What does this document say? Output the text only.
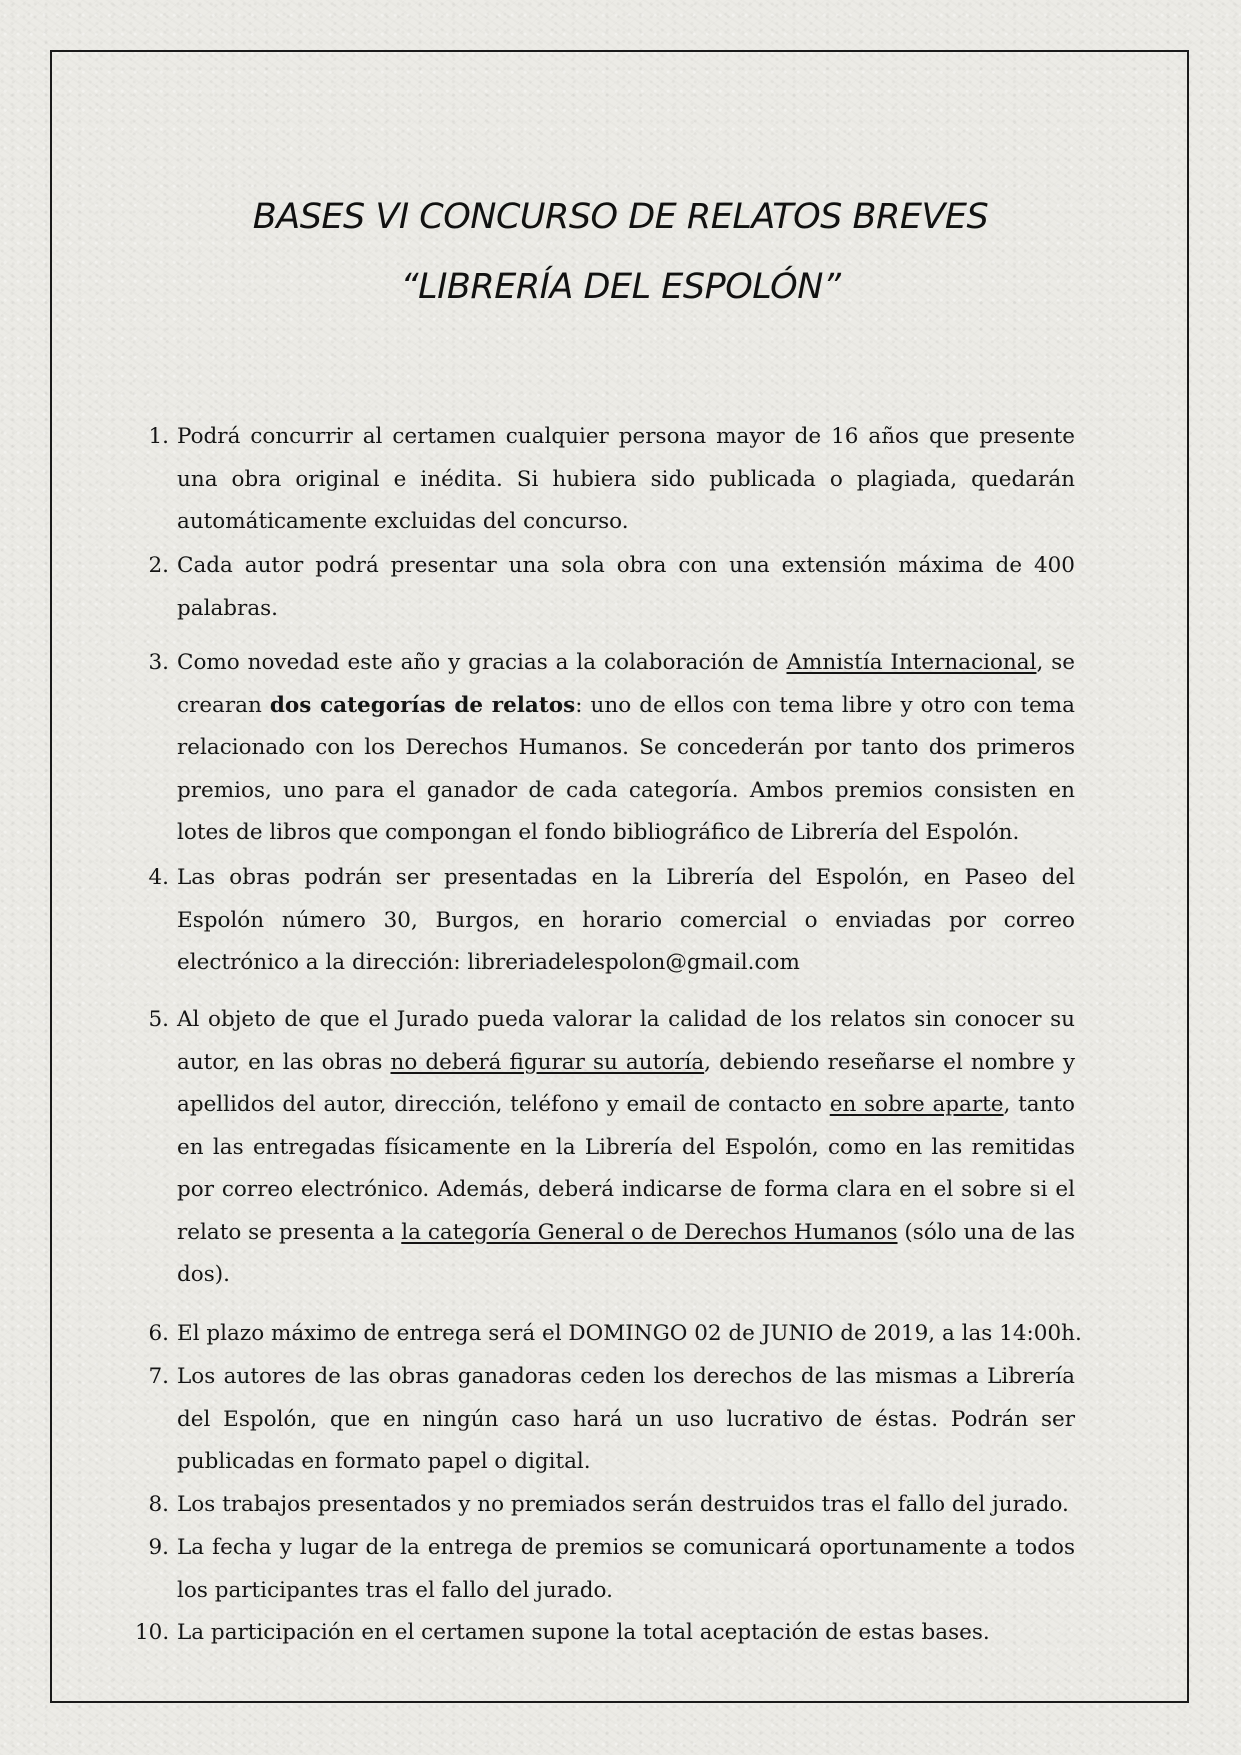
BASES VI CONCURSO DE RELATOS BREVES
“LIBRERÍA DEL ESPOLÓN”
1. Podrá concurrir al certamen cualquier persona mayor de 16 años que presente una obra original e inédita. Si hubiera sido publicada o plagiada, quedarán automáticamente excluidas del concurso.
2. Cada autor podrá presentar una sola obra con una extensión máxima de 400 palabras.
3. Como novedad este año y gracias a la colaboración de Amnistía Internacional, se crearan dos categorías de relatos: uno de ellos con tema libre y otro con tema relacionado con los Derechos Humanos. Se concederán por tanto dos primeros premios, uno para el ganador de cada categoría. Ambos premios consisten en lotes de libros que compongan el fondo bibliográfico de Librería del Espolón.
4. Las obras podrán ser presentadas en la Librería del Espolón, en Paseo del Espolón número 30, Burgos, en horario comercial o enviadas por correo electrónico a la dirección: libreriadelespolon@gmail.com
5. Al objeto de que el Jurado pueda valorar la calidad de los relatos sin conocer su autor, en las obras no deberá figurar su autoría, debiendo reseñarse el nombre y apellidos del autor, dirección, teléfono y email de contacto en sobre aparte, tanto en las entregadas físicamente en la Librería del Espolón, como en las remitidas por correo electrónico. Además, deberá indicarse de forma clara en el sobre si el relato se presenta a la categoría General o de Derechos Humanos (sólo una de las dos).
6. El plazo máximo de entrega será el DOMINGO 02 de JUNIO de 2019, a las 14:00h.
7. Los autores de las obras ganadoras ceden los derechos de las mismas a Librería del Espolón, que en ningún caso hará un uso lucrativo de éstas. Podrán ser publicadas en formato papel o digital.
8. Los trabajos presentados y no premiados serán destruidos tras el fallo del jurado.
9. La fecha y lugar de la entrega de premios se comunicará oportunamente a todos los participantes tras el fallo del jurado.
10. La participación en el certamen supone la total aceptación de estas bases.
